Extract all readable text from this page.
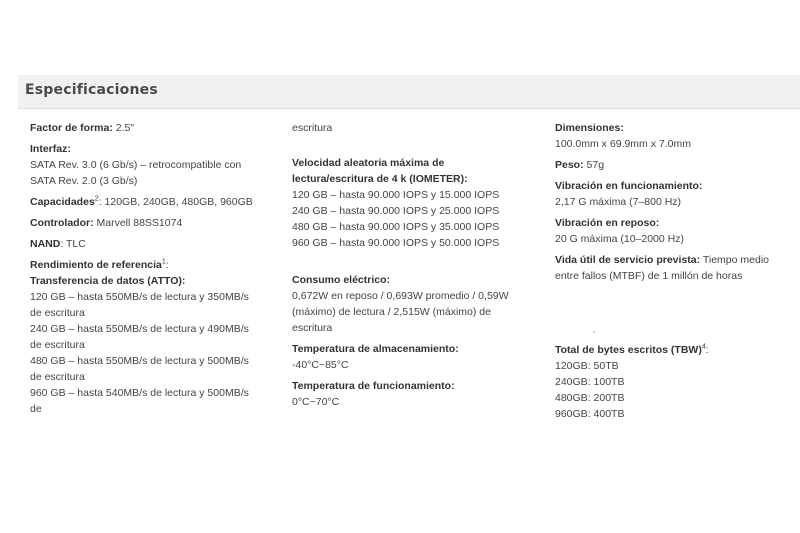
Especificaciones

Factor de forma: 2.5"

Interfaz:
SATA Rev. 3.0 (6 Gb/s) – retrocompatible con
SATA Rev. 2.0 (3 Gb/s)

Capacidades$^2$: 120GB, 240GB, 480GB, 960GB

Controlador: Marvell 88SS1074

NAND: TLC

Rendimiento de referencia$^1$:
Transferencia de datos (ATTO):
120 GB – hasta 550MB/s de lectura y 350MB/s
de escritura
240 GB – hasta 550MB/s de lectura y 490MB/s
de escritura
480 GB – hasta 550MB/s de lectura y 500MB/s
de escritura
960 GB – hasta 540MB/s de lectura y 500MB/s
de

escritura

Velocidad aleatoria máxima de
lectura/escritura de 4 k (IOMETER):
120 GB – hasta 90.000 IOPS y 15.000 IOPS
240 GB – hasta 90.000 IOPS y 25.000 IOPS
480 GB – hasta 90.000 IOPS y 35.000 IOPS
960 GB – hasta 90.000 IOPS y 50.000 IOPS

Consumo eléctrico:
0,672W en reposo / 0,693W promedio / 0,59W
(máximo) de lectura / 2,515W (máximo) de
escritura

Temperatura de almacenamiento:
-40°C~85°C

Temperatura de funcionamiento:
0°C~70°C

Dimensiones:
100.0mm x 69.9mm x 7.0mm

Peso: 57g

Vibración en funcionamiento:
2,17 G máxima (7–800 Hz)

Vibración en reposo:
20 G máxima (10–2000 Hz)

Vida útil de servicio prevista: Tiempo medio
entre fallos (MTBF) de 1 millón de horas

Total de bytes escritos (TBW)$^4$:
120GB: 50TB
240GB: 100TB
480GB: 200TB
960GB: 400TB

‚
